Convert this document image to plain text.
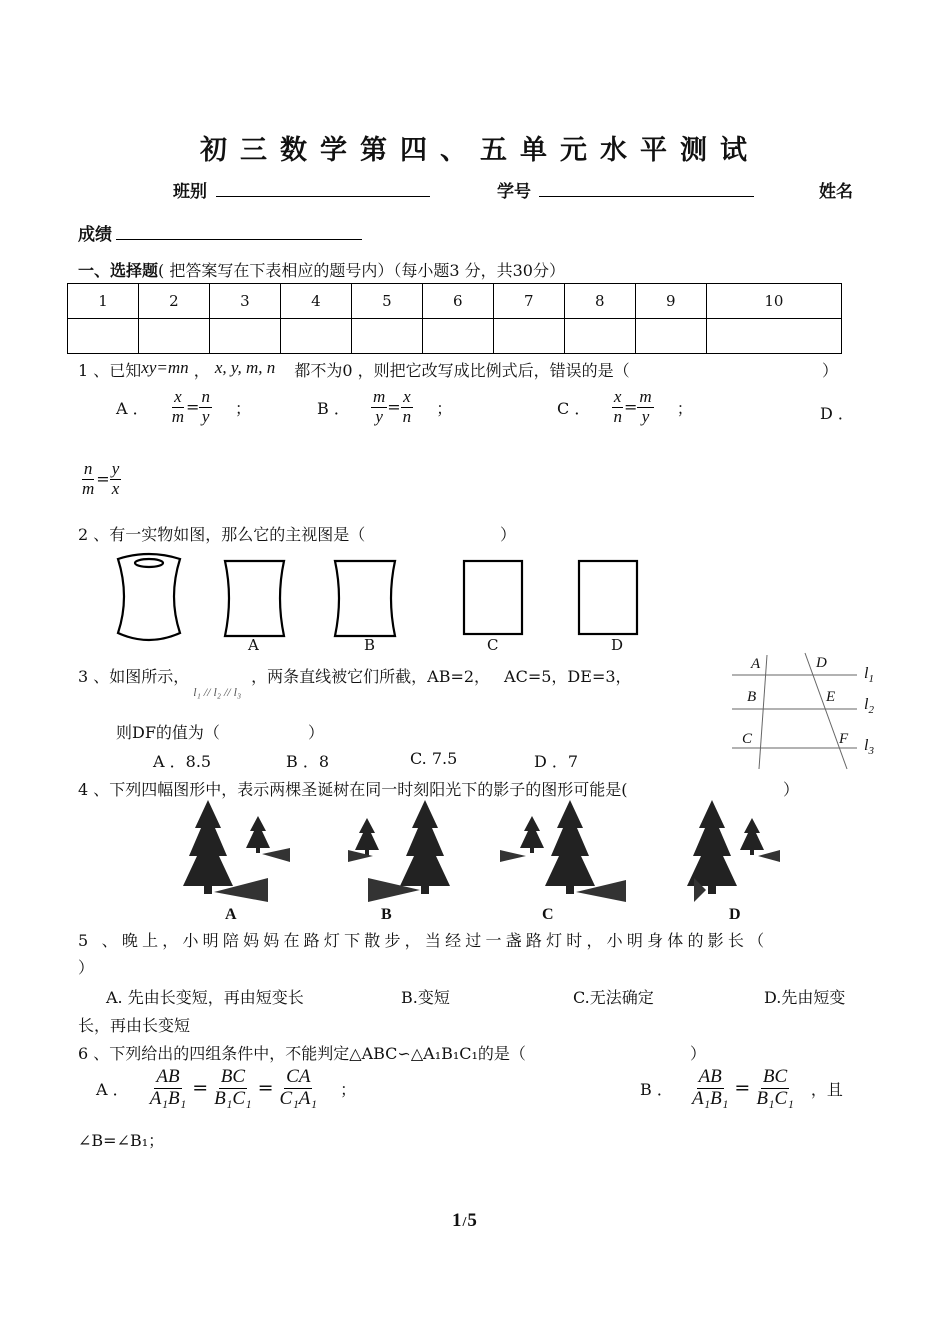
初三数学第四、五单元水平测试
班别	学号	姓名
成绩
一、选择题( 把答案写在下表相应的题号内）（每小题3 分，共30分）
1	2	3	4	5	6	7	8	9	10

1 、已知xy=mn ， x, y, m, n 都不为0 ，则把它改写成比例式后，错误的是（	）
A ． $\frac{x}{m} = \frac{n}{y}$ ；	B ． $\frac{m}{y} = \frac{x}{n}$ ；	C ． $\frac{x}{n} = \frac{m}{y}$ ；	D ．
$\frac{n}{m} = \frac{y}{x}$
2 、有一实物如图，那么它的主视图是（	）
A	B	C	D
3 、如图所示，$_{l_1 // l_2 // l_3}$，两条直线被它们所截，AB=2， AC=5，DE=3，
则DF的值为（	）
A ．8.5	B ．8	C. 7.5	D ．7
A	D
B	E
C	F
$l_1$
$l_2$
$l_3$
4 、下列四幅图形中，表示两棵圣诞树在同一时刻阳光下的影子的图形可能是(	）
A	B	C	D
5 、晚上，小明陪妈妈在路灯下散步，当经过一盏路灯时，小明身体的影长（
）
A. 先由长变短，再由短变长	B.变短	C.无法确定	D.先由短变
长，再由长变短
6 、下列给出的四组条件中，不能判定△ABC∽△A₁B₁C₁的是（	）
A ． $\frac{AB}{\text{A₁B₁}} = \frac{BC}{\text{B₁C₁}} = \frac{CA}{\text{C₁A₁}}$ ；	B ． $\frac{AB}{\text{A₁B₁}} = \frac{BC}{\text{B₁C₁}}$ ，且
∠B=∠B₁；
1/5
